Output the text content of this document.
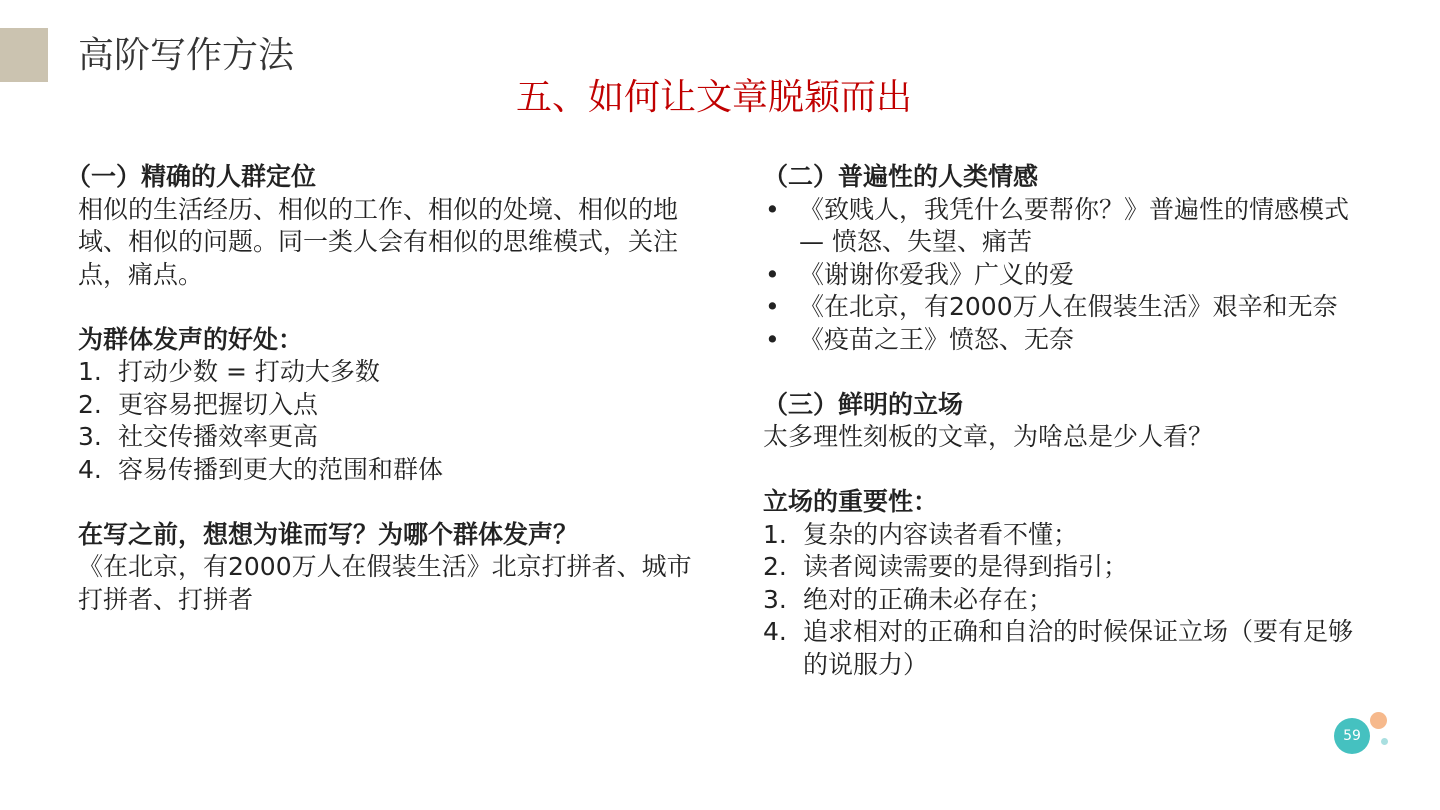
高阶写作方法
五、如何让文章脱颖而出
（一）精确的人群定位
相似的生活经历、相似的工作、相似的处境、相似的地域、相似的问题。同一类人会有相似的思维模式，关注点，痛点。
为群体发声的好处：
1. 打动少数 = 打动大多数
2. 更容易把握切入点
3. 社交传播效率更高
4. 容易传播到更大的范围和群体
在写之前，想想为谁而写？为哪个群体发声？
《在北京，有2000万人在假装生活》北京打拼者、城市打拼者、打拼者
（二）普遍性的人类情感
• 《致贱人，我凭什么要帮你？》普遍性的情感模式 — 愤怒、失望、痛苦
• 《谢谢你爱我》广义的爱
• 《在北京，有2000万人在假装生活》艰辛和无奈
• 《疫苗之王》愤怒、无奈
（三）鲜明的立场
太多理性刻板的文章，为啥总是少人看？
立场的重要性：
1. 复杂的内容读者看不懂；
2. 读者阅读需要的是得到指引；
3. 绝对的正确未必存在；
4. 追求相对的正确和自洽的时候保证立场（要有足够的说服力）
59
